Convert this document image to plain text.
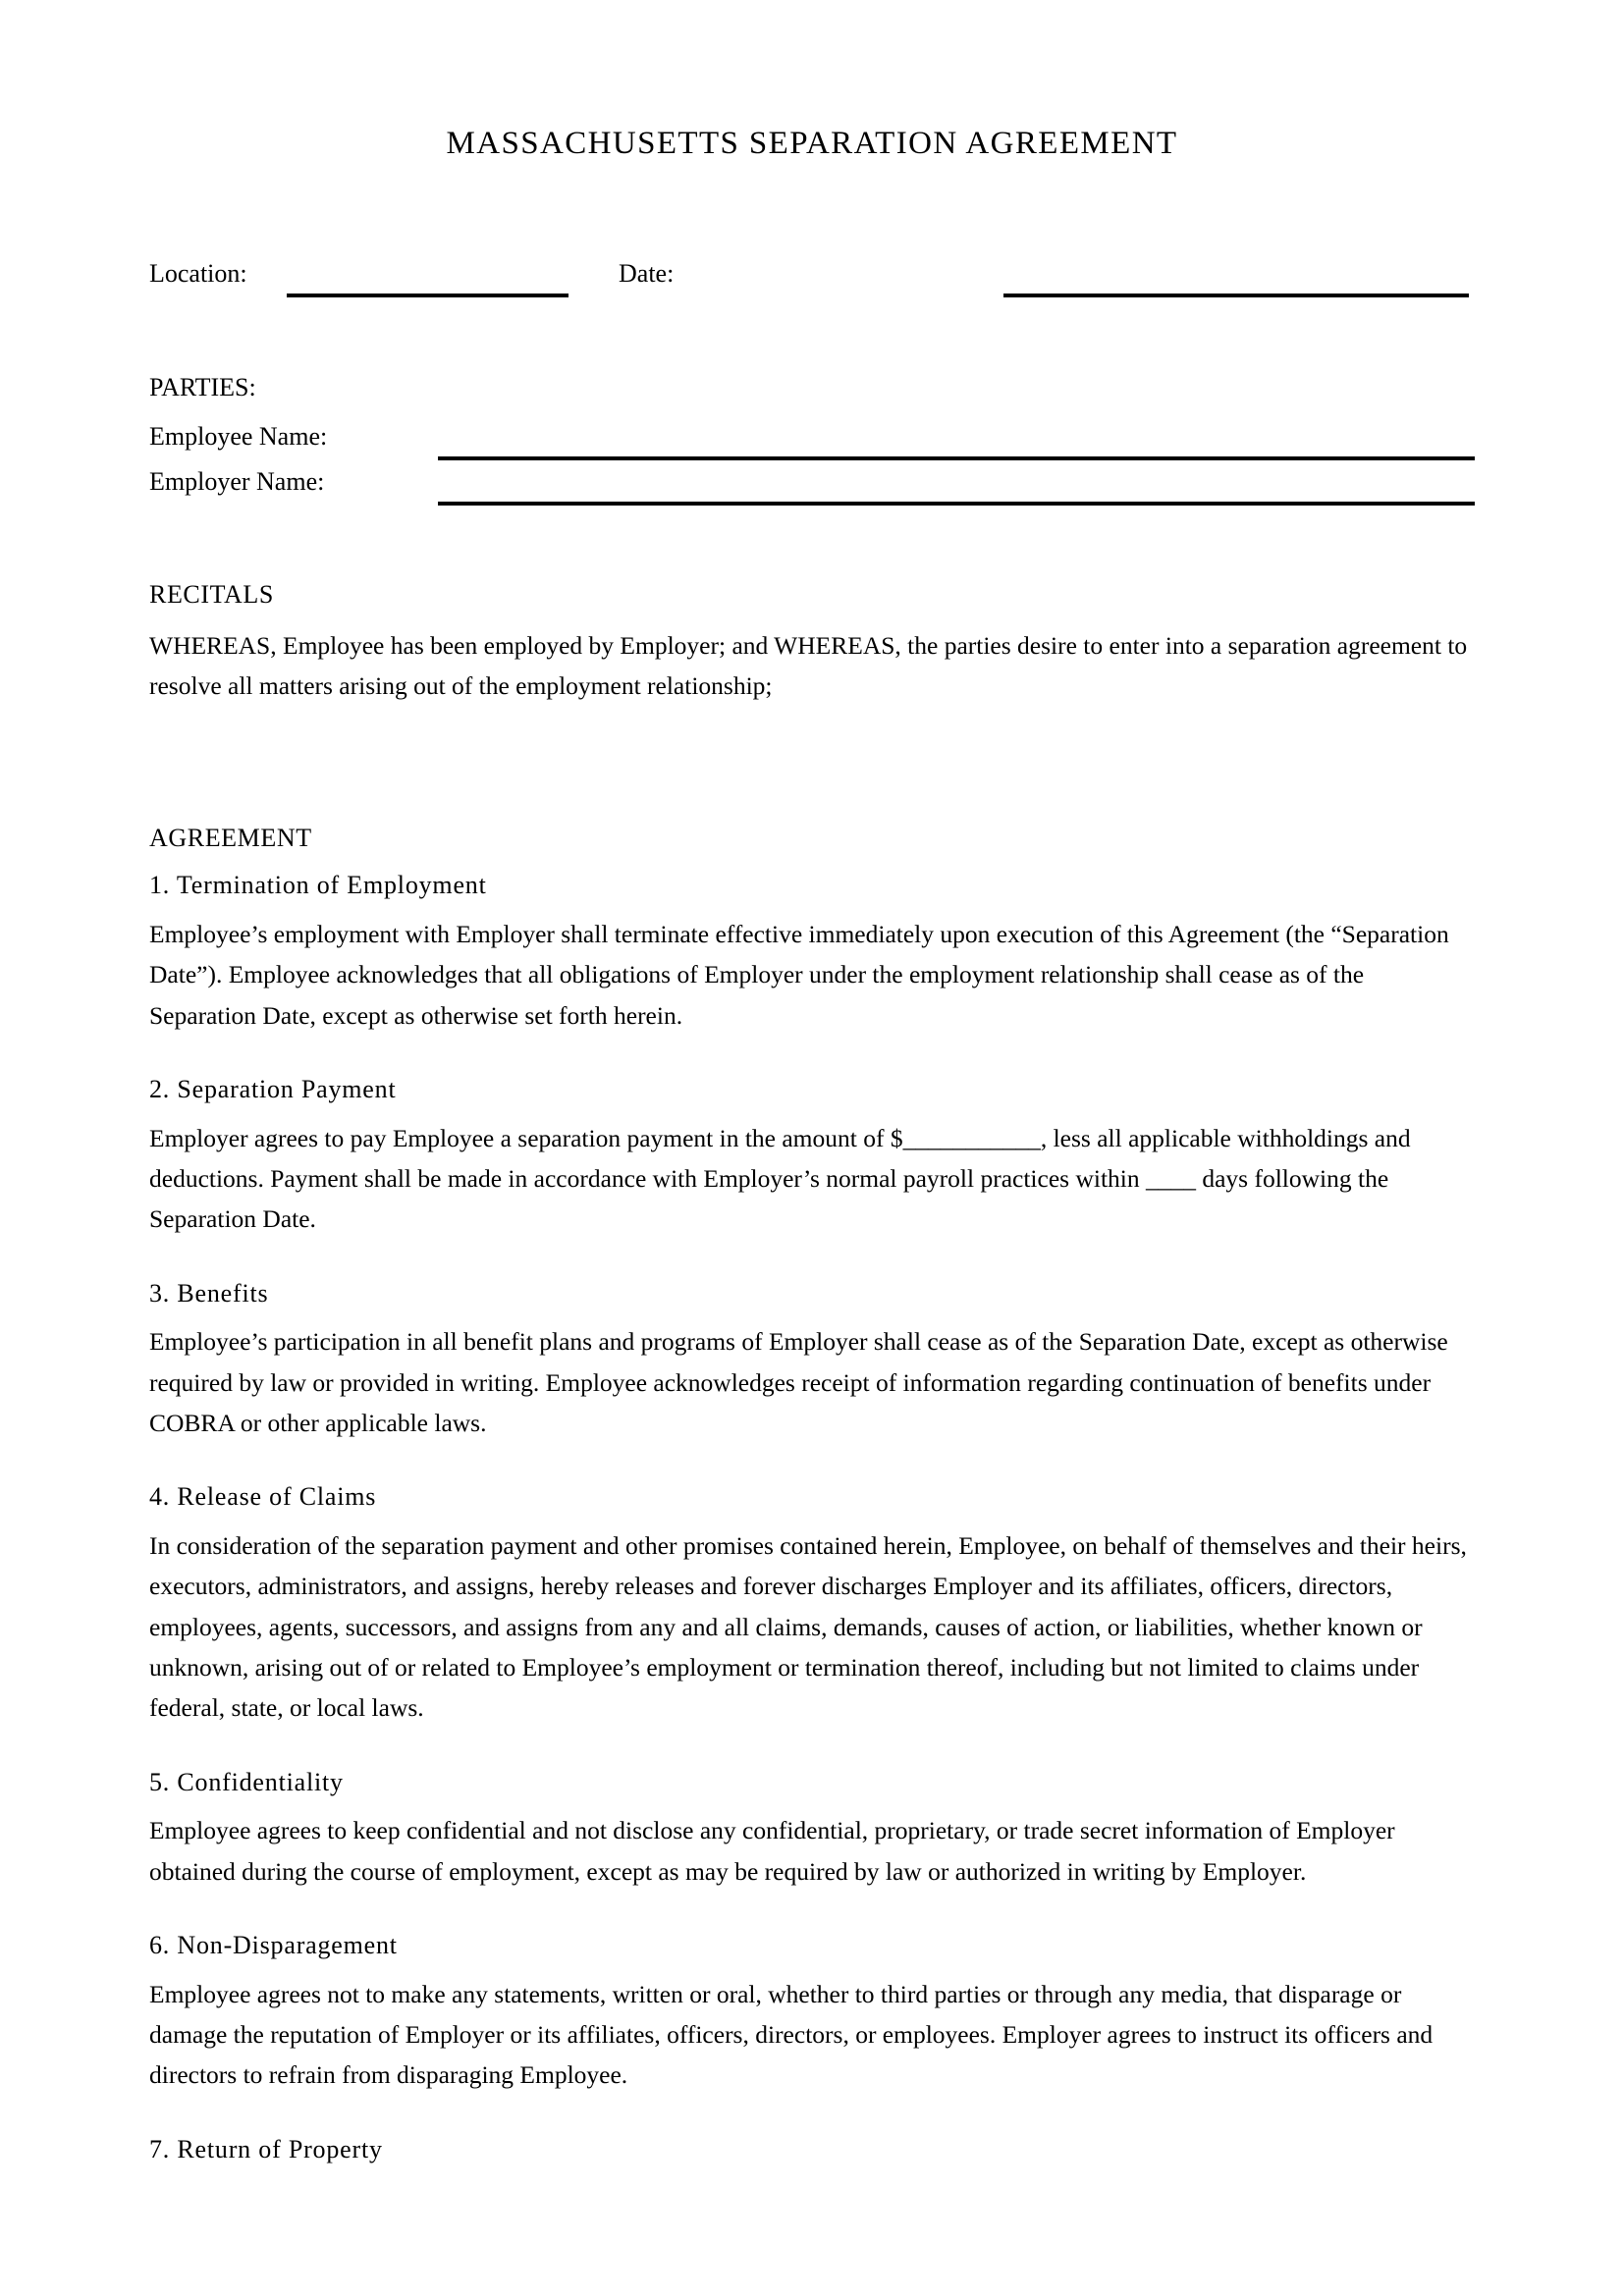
MASSACHUSETTS SEPARATION AGREEMENT
Location:	Date:
PARTIES:
Employee Name:
Employer Name:
RECITALS

WHEREAS, Employee has been employed by Employer; and WHEREAS, the parties desire to enter into a separation agreement to resolve all matters arising out of the employment relationship;

AGREEMENT
1. Termination of Employment

Employee’s employment with Employer shall terminate effective immediately upon execution of this Agreement (the “Separation Date”). Employee acknowledges that all obligations of Employer under the employment relationship shall cease as of the Separation Date, except as otherwise set forth herein.

2. Separation Payment

Employer agrees to pay Employee a separation payment in the amount of $___________, less all applicable withholdings and deductions. Payment shall be made in accordance with Employer’s normal payroll practices within ____ days following the Separation Date.

3. Benefits

Employee’s participation in all benefit plans and programs of Employer shall cease as of the Separation Date, except as otherwise required by law or provided in writing. Employee acknowledges receipt of information regarding continuation of benefits under COBRA or other applicable laws.

4. Release of Claims

In consideration of the separation payment and other promises contained herein, Employee, on behalf of themselves and their heirs, executors, administrators, and assigns, hereby releases and forever discharges Employer and its affiliates, officers, directors, employees, agents, successors, and assigns from any and all claims, demands, causes of action, or liabilities, whether known or unknown, arising out of or related to Employee’s employment or termination thereof, including but not limited to claims under federal, state, or local laws.

5. Confidentiality

Employee agrees to keep confidential and not disclose any confidential, proprietary, or trade secret information of Employer obtained during the course of employment, except as may be required by law or authorized in writing by Employer.

6. Non-Disparagement

Employee agrees not to make any statements, written or oral, whether to third parties or through any media, that disparage or damage the reputation of Employer or its affiliates, officers, directors, or employees. Employer agrees to instruct its officers and directors to refrain from disparaging Employee.

7. Return of Property
